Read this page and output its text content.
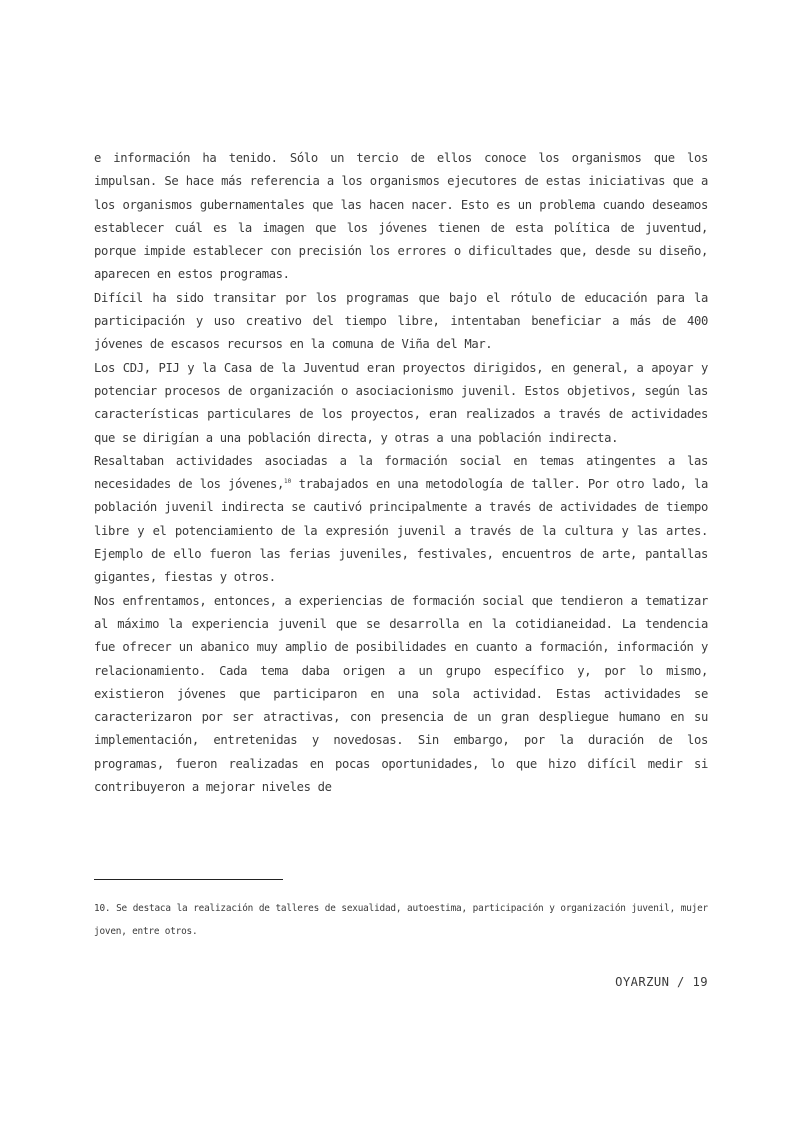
e información ha tenido. Sólo un tercio de ellos conoce los organismos que los impulsan. Se hace más referencia a los organismos ejecutores de estas iniciativas que a los organismos gubernamentales que las hacen nacer. Esto es un problema cuando deseamos establecer cuál es la imagen que los jóvenes tienen de esta política de juventud, porque impide establecer con precisión los errores o dificultades que, desde su diseño, aparecen en estos programas.

Difícil ha sido transitar por los programas que bajo el rótulo de educación para la participación y uso creativo del tiempo libre, intentaban beneficiar a más de 400 jóvenes de escasos recursos en la comuna de Viña del Mar.

Los CDJ, PIJ y la Casa de la Juventud eran proyectos dirigidos, en general, a apoyar y potenciar procesos de organización o asociacionismo juvenil. Estos objetivos, según las características particulares de los proyectos, eran realizados a través de actividades que se dirigían a una población directa, y otras a una población indirecta.

Resaltaban actividades asociadas a la formación social en temas atingentes a las necesidades de los jóvenes,$^{10}$ trabajados en una metodología de taller. Por otro lado, la población juvenil indirecta se cautivó principalmente a través de actividades de tiempo libre y el potenciamiento de la expresión juvenil a través de la cultura y las artes. Ejemplo de ello fueron las ferias juveniles, festivales, encuentros de arte, pantallas gigantes, fiestas y otros.

Nos enfrentamos, entonces, a experiencias de formación social que tendieron a tematizar al máximo la experiencia juvenil que se desarrolla en la cotidianeidad. La tendencia fue ofrecer un abanico muy amplio de posibilidades en cuanto a formación, información y relacionamiento. Cada tema daba origen a un grupo específico y, por lo mismo, existieron jóvenes que participaron en una sola actividad. Estas actividades se caracterizaron por ser atractivas, con presencia de un gran despliegue humano en su implementación, entretenidas y novedosas. Sin embargo, por la duración de los programas, fueron realizadas en pocas oportunidades, lo que hizo difícil medir si contribuyeron a mejorar niveles de

10. Se destaca la realización de talleres de sexualidad, autoestima, participación y organización juvenil, mujer joven, entre otros.

OYARZUN / 19
